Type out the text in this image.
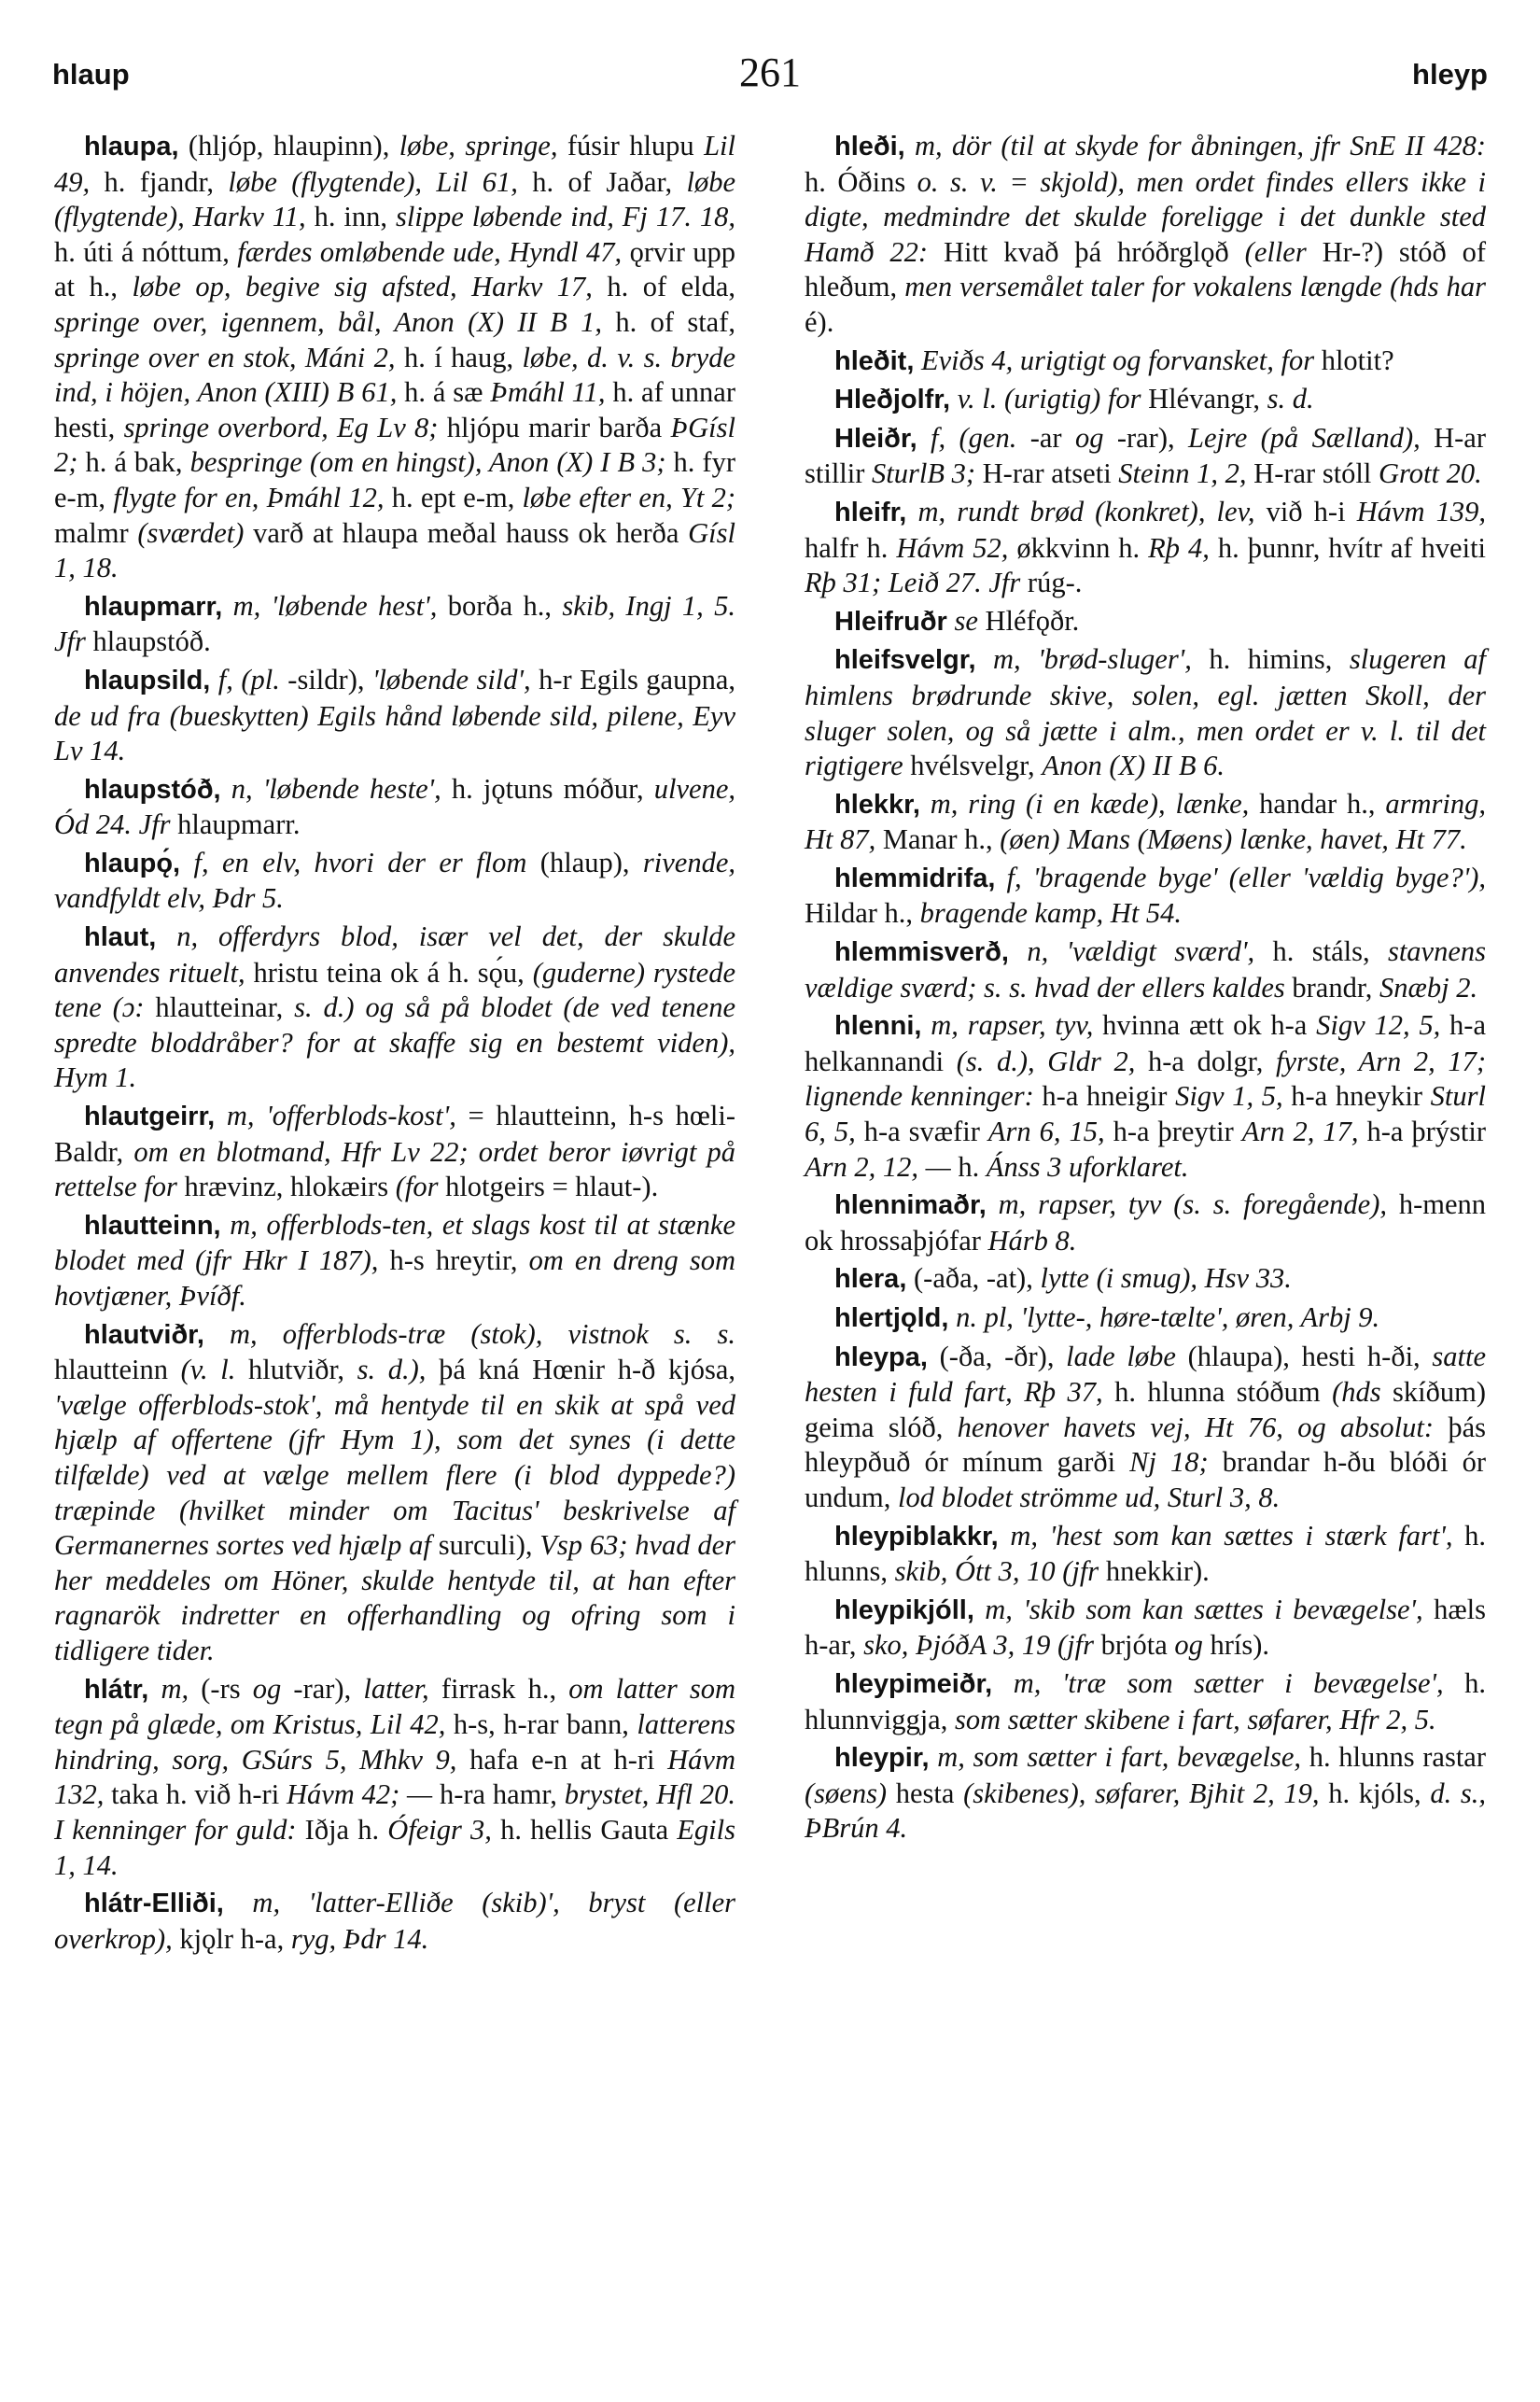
hlaup	261	hleyp

hlaupa, (hljóp, hlaupinn), løbe, springe, fúsir hlupu Lil 49, h. fjandr, løbe (flygtende), Lil 61, h. of Jaðar, løbe (flygtende), Harkv 11, h. inn, slippe løbende ind, Fj 17. 18, h. úti á nóttum, færdes omløbende ude, Hyndl 47, ǫrvir upp at h., løbe op, begive sig afsted, Harkv 17, h. of elda, springe over, igennem, bål, Anon (X) II B 1, h. of staf, springe over en stok, Máni 2, h. í haug, løbe, d. v. s. bryde ind, i höjen, Anon (XIII) B 61, h. á sæ Þmáhl 11, h. af unnar hesti, springe overbord, Eg Lv 8; hljópu marir barða ÞGísl 2; h. á bak, bespringe (om en hingst), Anon (X) I B 3; h. fyr e-m, flygte for en, Þmáhl 12, h. ept e-m, løbe efter en, Yt 2; malmr (sværdet) varð at hlaupa meðal hauss ok herða Gísl 1, 18.

hlaupmarr, m, 'løbende hest', borða h., skib, Ingj 1, 5. Jfr hlaupstóð.

hlaupsild, f, (pl. -sildr), 'løbende sild', h-r Egils gaupna, de ud fra (bueskytten) Egils hånd løbende sild, pilene, Eyv Lv 14.

hlaupstóð, n, 'løbende heste', h. jǫtuns móður, ulvene, Ód 24. Jfr hlaupmarr.

hlaupǫ́, f, en elv, hvori der er flom (hlaup), rivende, vandfyldt elv, Þdr 5.

hlaut, n, offerdyrs blod, især vel det, der skulde anvendes rituelt, hristu teina ok á h. sǫ́u, (guderne) rystede tene (ɔ: hlautteinar, s. d.) og så på blodet (de ved tenene spredte bloddråber? for at skaffe sig en bestemt viden), Hym 1.

hlautgeirr, m, 'offerblods-kost', = hlautteinn, h-s hœli-Baldr, om en blotmand, Hfr Lv 22; ordet beror iøvrigt på rettelse for hrævinz, hlokæirs (for hlotgeirs = hlaut-).

hlautteinn, m, offerblods-ten, et slags kost til at stænke blodet med (jfr Hkr I 187), h-s hreytir, om en dreng som hovtjæner, Þvíðf.

hlautviðr, m, offerblods-træ (stok), vistnok s. s. hlautteinn (v. l. hlutviðr, s. d.), þá kná Hœnir h-ð kjósa, 'vælge offerblods-stok', må hentyde til en skik at spå ved hjælp af offertene (jfr Hym 1), som det synes (i dette tilfælde) ved at vælge mellem flere (i blod dyppede?) træpinde (hvilket minder om Tacitus' beskrivelse af Germanernes sortes ved hjælp af surculi), Vsp 63; hvad der her meddeles om Höner, skulde hentyde til, at han efter ragnarök indretter en offerhandling og ofring som i tidligere tider.

hlátr, m, (-rs og -rar), latter, firrask h., om latter som tegn på glæde, om Kristus, Lil 42, h-s, h-rar bann, latterens hindring, sorg, GSúrs 5, Mhkv 9, hafa e-n at h-ri Hávm 132, taka h. við h-ri Hávm 42; — h-ra hamr, brystet, Hfl 20. I kenninger for guld: Iðja h. Ófeigr 3, h. hellis Gauta Egils 1, 14.

hlátr-Elliði, m, 'latter-Elliðe (skib)', bryst (eller overkrop), kjǫlr h-a, ryg, Þdr 14.

hleði, m, dör (til at skyde for åbningen, jfr SnE II 428: h. Óðins o. s. v. = skjold), men ordet findes ellers ikke i digte, medmindre det skulde foreligge i det dunkle sted Hamð 22: Hitt kvað þá hróðrglǫð (eller Hr-?) stóð of hleðum, men versemålet taler for vokalens længde (hds har é).

hleðit, Eviðs 4, urigtigt og forvansket, for hlotit?

Hleðjolfr, v. l. (urigtig) for Hlévangr, s. d.

Hleiðr, f, (gen. -ar og -rar), Lejre (på Sælland), H-ar stillir SturlB 3; H-rar atseti Steinn 1, 2, H-rar stóll Grott 20.

hleifr, m, rundt brød (konkret), lev, við h-i Hávm 139, halfr h. Hávm 52, økkvinn h. Rþ 4, h. þunnr, hvítr af hveiti Rþ 31; Leið 27. Jfr rúg-.

Hleifruðr se Hléfǫðr.

hleifsvelgr, m, 'brød-sluger', h. himins, slugeren af himlens brødrunde skive, solen, egl. jætten Skoll, der sluger solen, og så jætte i alm., men ordet er v. l. til det rigtigere hvélsvelgr, Anon (X) II B 6.

hlekkr, m, ring (i en kæde), lænke, handar h., armring, Ht 87, Manar h., (øen) Mans (Møens) lænke, havet, Ht 77.

hlemmidrifa, f, 'bragende byge' (eller 'vældig byge?'), Hildar h., bragende kamp, Ht 54.

hlemmisverð, n, 'vældigt sværd', h. stáls, stavnens vældige sværd; s. s. hvad der ellers kaldes brandr, Snæbj 2.

hlenni, m, rapser, tyv, hvinna ætt ok h-a Sigv 12, 5, h-a helkannandi (s. d.), Gldr 2, h-a dolgr, fyrste, Arn 2, 17; lignende kenninger: h-a hneigir Sigv 1, 5, h-a hneykir Sturl 6, 5, h-a svæfir Arn 6, 15, h-a þreytir Arn 2, 17, h-a þrýstir Arn 2, 12, — h. Ánss 3 uforklaret.

hlennimaðr, m, rapser, tyv (s. s. foregående), h-menn ok hrossaþjófar Hárb 8.

hlera, (-aða, -at), lytte (i smug), Hsv 33.

hlertjǫld, n. pl, 'lytte-, høre-tælte', øren, Arbj 9.

hleypa, (-ða, -ðr), lade løbe (hlaupa), hesti h-ði, satte hesten i fuld fart, Rþ 37, h. hlunna stóðum (hds skíðum) geima slóð, henover havets vej, Ht 76, og absolut: þás hleypðuð ór mínum garði Nj 18; brandar h-ðu blóði ór undum, lod blodet strömme ud, Sturl 3, 8.

hleypiblakkr, m, 'hest som kan sættes i stærk fart', h. hlunns, skib, Ótt 3, 10 (jfr hnekkir).

hleypikjóll, m, 'skib som kan sættes i bevægelse', hæls h-ar, sko, ÞjóðA 3, 19 (jfr brjóta og hrís).

hleypimeiðr, m, 'træ som sætter i bevægelse', h. hlunnviggja, som sætter skibene i fart, søfarer, Hfr 2, 5.

hleypir, m, som sætter i fart, bevægelse, h. hlunns rastar (søens) hesta (skibenes), søfarer, Bjhit 2, 19, h. kjóls, d. s., ÞBrún 4.
